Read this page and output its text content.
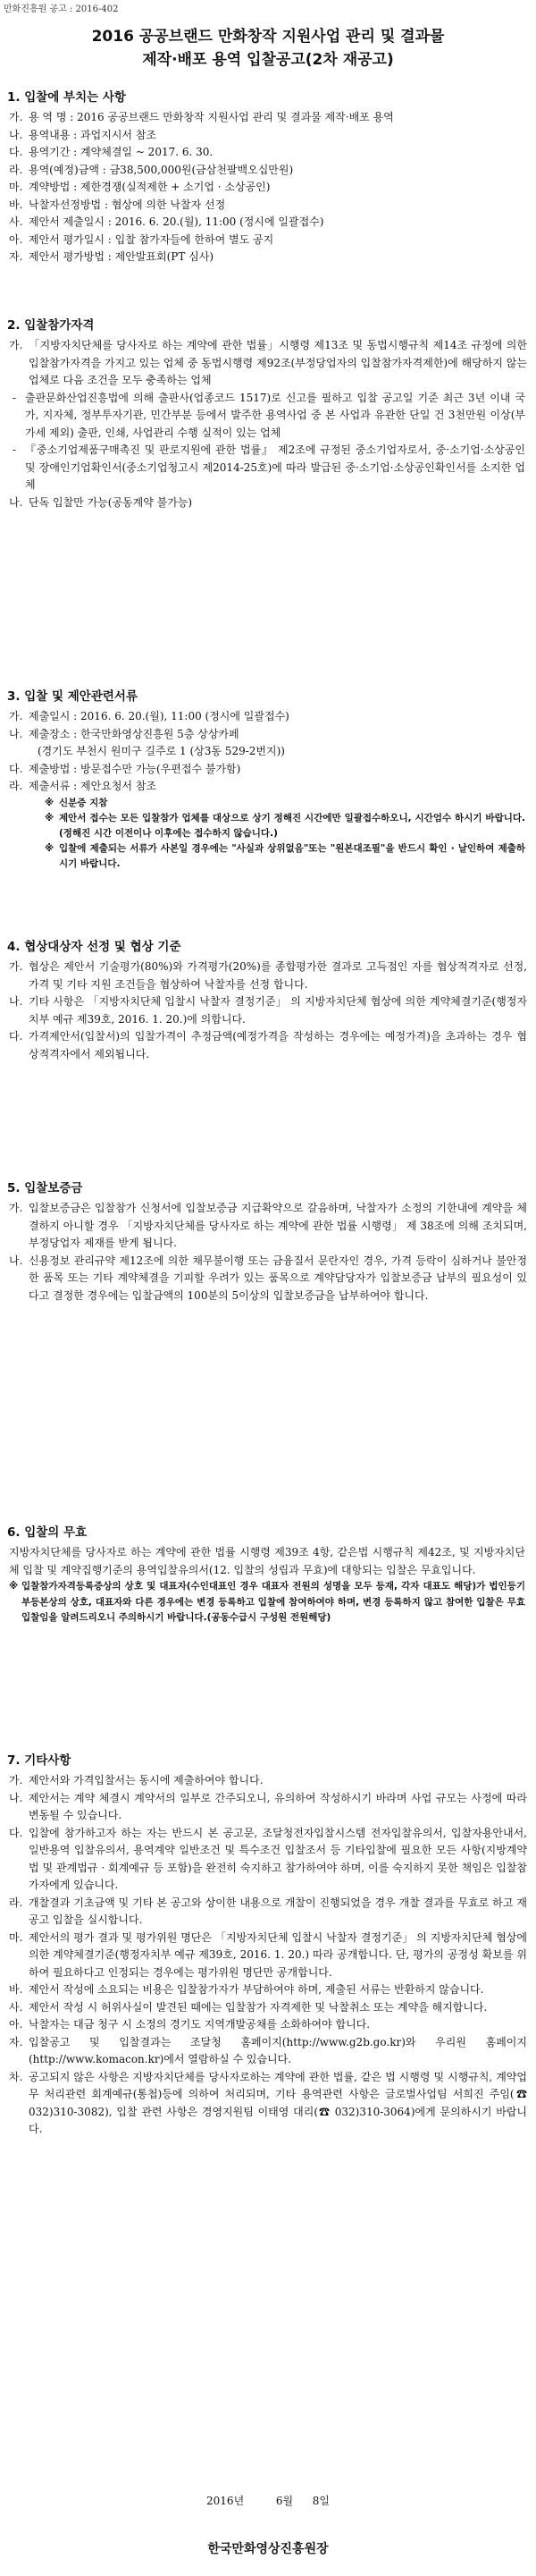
만화진흥원 공고 : 2016-402
2016 공공브랜드 만화창작 지원사업 관리 및 결과물
제작·배포 용역 입찰공고(2차 재공고)
1. 입찰에 부치는 사항
가. 용 역 명 : 2016 공공브랜드 만화창작 지원사업 관리 및 결과물 제작·배포 용역
나. 용역내용 : 과업지시서 참조
다. 용역기간 : 계약체결일 ~ 2017. 6. 30.
라. 용역(예정)금액 : 금38,500,000원(금삼천팔백오십만원)
마. 계약방법 : 제한경쟁(실적제한 + 소기업 · 소상공인)
바. 낙찰자선정방법 : 협상에 의한 낙찰자 선정
사. 제안서 제출일시 : 2016. 6. 20.(월), 11:00 (정시에 일괄접수)
아. 제안서 평가일시 : 입찰 참가자들에 한하여 별도 공지
자. 제안서 평가방법 : 제안발표회(PT 심사)
2. 입찰참가자격
가. 「지방자치단체를 당사자로 하는 계약에 관한 법률」시행령 제13조 및 동법시행규칙 제14조 규정에 의한 입찰참가자격을 가지고 있는 업체 중 동법시행령 제92조(부정당업자의 입찰참가자격제한)에 해당하지 않는 업체로 다음 조건을 모두 충족하는 업체
- 출판문화산업진흥법에 의해 출판사(업종코드 1517)로 신고를 필하고 입찰 공고일 기준 최근 3년 이내 국가, 지자체, 정부투자기관, 민간부분 등에서 발주한 용역사업 중 본 사업과 유관한 단일 건 3천만원 이상(부가세 제외) 출판, 인쇄, 사업관리 수행 실적이 있는 업체
- 『중소기업제품구매촉진 및 판로지원에 관한 법률』 제2조에 규정된 중소기업자로서, 중·소기업·소상공인 및 장애인기업확인서(중소기업청고시 제2014-25호)에 따라 발급된 중·소기업·소상공인확인서를 소지한 업체
나. 단독 입찰만 가능(공동계약 불가능)
3. 입찰 및 제안관련서류
가. 제출일시 : 2016. 6. 20.(월), 11:00 (정시에 일괄접수)
나. 제출장소 : 한국만화영상진흥원 5층 상상카페
(경기도 부천시 원미구 길주로 1 (상3동 529-2번지))
다. 제출방법 : 방문접수만 가능(우편접수 불가함)
라. 제출서류 : 제안요청서 참조
※ 신분증 지참
※ 제안서 접수는 모든 입찰참가 업체를 대상으로 상기 정해진 시간에만 일괄접수하오니, 시간엄수 하시기 바랍니다.(정해진 시간 이전이나 이후에는 접수하지 않습니다.)
※ 입찰에 제출되는 서류가 사본일 경우에는 "사실과 상위없음"또는 "원본대조필"을 반드시 확인 · 날인하여 제출하시기 바랍니다.
4. 협상대상자 선정 및 협상 기준
가. 협상은 제안서 기술평가(80%)와 가격평가(20%)를 종합평가한 결과로 고득점인 자를 협상적격자로 선정, 가격 및 기타 지원 조건들을 협상하여 낙찰자를 선정 합니다.
나. 기타 사항은 「지방자치단체 입찰시 낙찰자 결정기준」 의 지방자치단체 협상에 의한 계약체결기준(행정자치부 예규 제39호, 2016. 1. 20.)에 의합니다.
다. 가격제안서(입찰서)의 입찰가격이 추정금액(예정가격을 작성하는 경우에는 예정가격)을 초과하는 경우 협상적격자에서 제외됩니다.
5. 입찰보증금
가. 입찰보증금은 입찰참가 신청서에 입찰보증금 지급확약으로 갈음하며, 낙찰자가 소정의 기한내에 계약을 체결하지 아니할 경우 「지방자치단체를 당사자로 하는 계약에 관한 법률 시행령」 제 38조에 의해 조치되며, 부정당업자 제재를 받게 됩니다.
나. 신용정보 관리규약 제12조에 의한 채무불이행 또는 금융질서 문란자인 경우, 가격 등락이 심하거나 불안정한 품목 또는 기타 계약체결을 기피할 우려가 있는 품목으로 계약담당자가 입찰보증금 납부의 필요성이 있다고 결정한 경우에는 입찰금액의 100분의 5이상의 입찰보증금을 납부하여야 합니다.
6. 입찰의 무효
지방자치단체를 당사자로 하는 계약에 관한 법률 시행령 제39조 4항, 같은법 시행규칙 제42조, 및 지방자치단체 입찰 및 계약집행기준의 용역입찰유의서(12. 입찰의 성립과 무효)에 대항되는 입찰은 무효입니다.
※ 입찰참가자격등록증상의 상호 및 대표자(수인대표인 경우 대표자 전원의 성명을 모두 등재, 각자 대표도 해당)가 법인등기부등본상의 상호, 대표자와 다른 경우에는 변경 등록하고 입찰에 참여하여야 하며, 변경 등록하지 않고 참여한 입찰은 무효입찰임을 알려드리오니 주의하시기 바랍니다.(공동수급시 구성원 전원해당)
7. 기타사항
가. 제안서와 가격입찰서는 동시에 제출하여야 합니다.
나. 제안서는 계약 체결시 계약서의 일부로 간주되오니, 유의하여 작성하시기 바라며 사업 규모는 사정에 따라 변동될 수 있습니다.
다. 입찰에 참가하고자 하는 자는 반드시 본 공고문, 조달청전자입찰시스템 전자입찰유의서, 입찰자용안내서, 일반용역 입찰유의서, 용역계약 일반조건 및 특수조건 입찰조서 등 기타입찰에 필요한 모든 사항(지방계약법 및 관계법규 · 회계예규 등 포함)을 완전히 숙지하고 참가하여야 하며, 이를 숙지하지 못한 책임은 입찰참가자에게 있습니다.
라. 개찰결과 기초금액 및 기타 본 공고와 상이한 내용으로 개찰이 진행되었을 경우 개찰 결과를 무효로 하고 재공고 입찰을 실시합니다.
마. 제안서의 평가 결과 및 평가위원 명단은 「지방자치단체 입찰시 낙찰자 결정기준」 의 지방자치단체 협상에 의한 계약체결기준(행정자치부 예규 제39호, 2016. 1. 20.) 따라 공개합니다. 단, 평가의 공정성 확보를 위하여 필요하다고 인정되는 경우에는 평가위원 명단만 공개합니다.
바. 제안서 작성에 소요되는 비용은 입찰참가자가 부담하여야 하며, 제출된 서류는 반환하지 않습니다.
사. 제안서 작성 시 허위사실이 발견된 때에는 입찰참가 자격제한 및 낙찰취소 또는 계약을 해지합니다.
아. 낙찰자는 대금 청구 시 소정의 경기도 지역개발공채를 소화하여야 합니다.
자. 입찰공고 및 입찰결과는 조달청 홈페이지(http://www.g2b.go.kr)와 우리원 홈페이지(http://www.komacon.kr)에서 열람하실 수 있습니다.
차. 공고되지 않은 사항은 지방자치단체를 당사자로하는 계약에 관한 법률, 같은 법 시행령 및 시행규칙, 계약업무 처리관련 회계예규(통첩)등에 의하여 처리되며, 기타 용역관련 사항은 글로벌사업팀 서희진 주임(☎ 032)310-3082), 입찰 관련 사항은 경영지원팀 이태영 대리(☎ 032)310-3064)에게 문의하시기 바랍니다.
2016년	6월 8일
한국만화영상진흥원장
